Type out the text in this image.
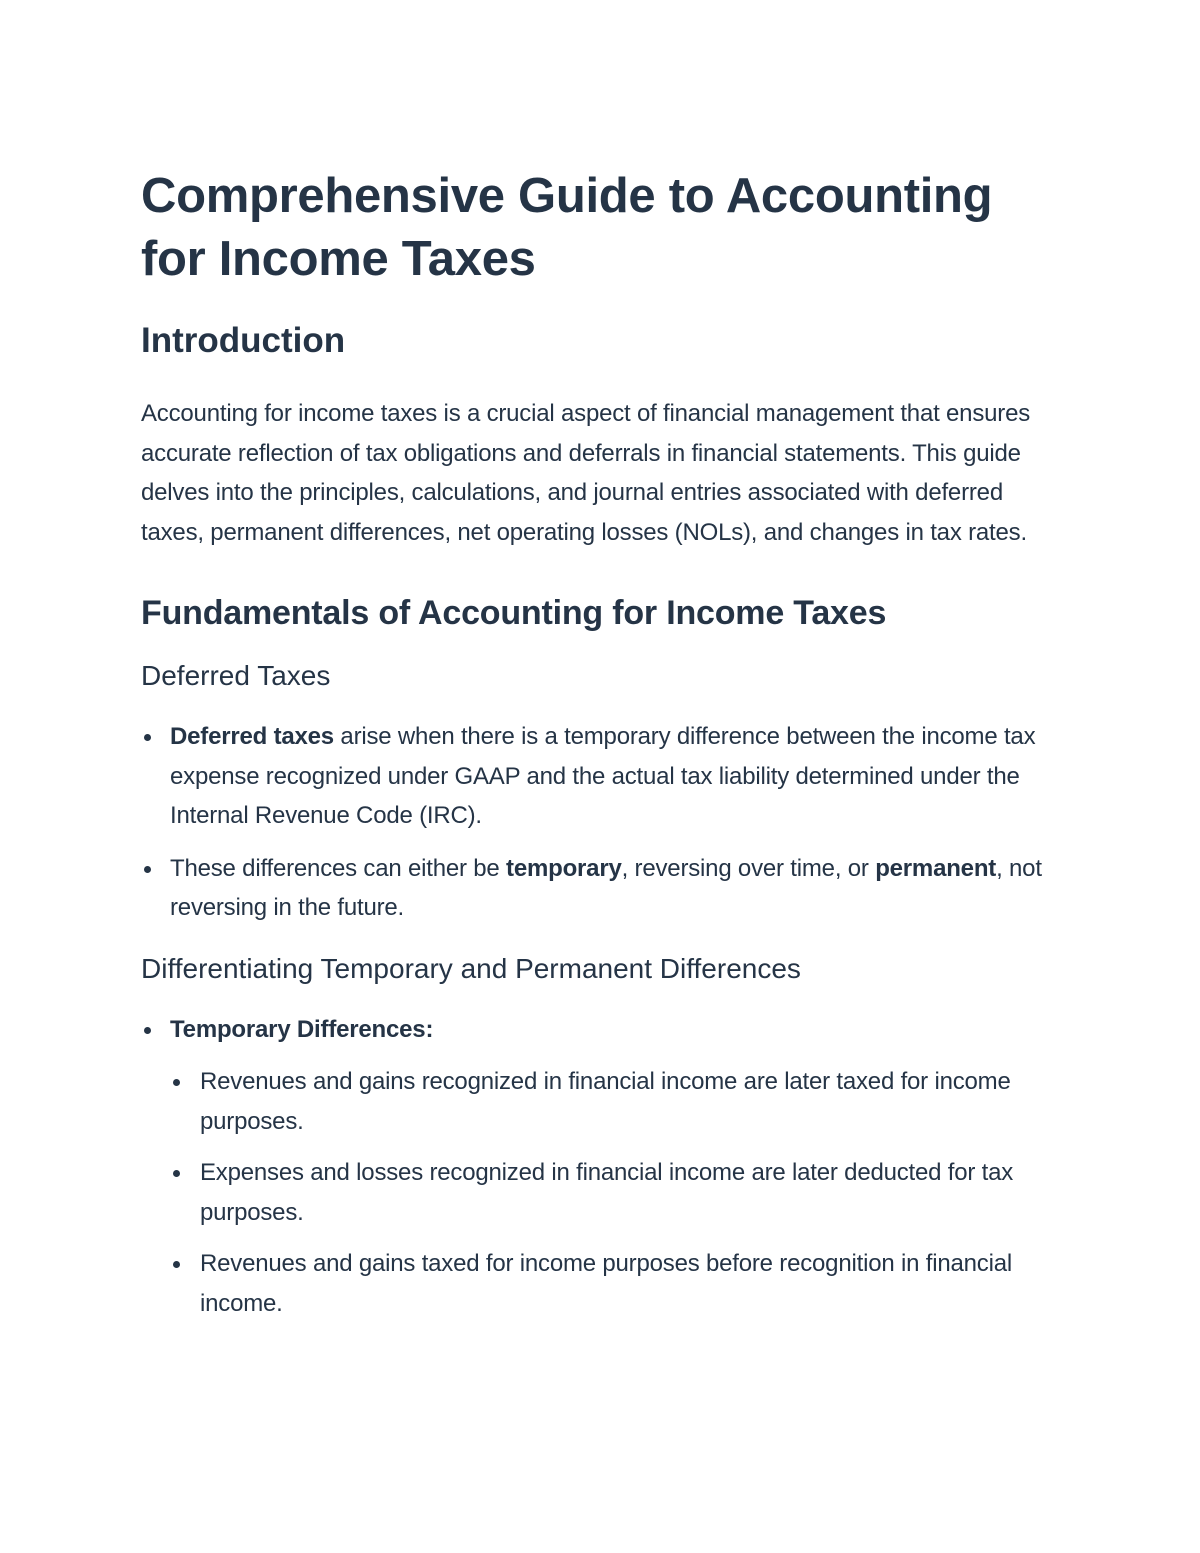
Comprehensive Guide to Accounting for Income Taxes
Introduction

Accounting for income taxes is a crucial aspect of financial management that ensures accurate reflection of tax obligations and deferrals in financial statements. This guide delves into the principles, calculations, and journal entries associated with deferred taxes, permanent differences, net operating losses (NOLs), and changes in tax rates.

Fundamentals of Accounting for Income Taxes
Deferred Taxes
Deferred taxes arise when there is a temporary difference between the income tax expense recognized under GAAP and the actual tax liability determined under the Internal Revenue Code (IRC).
These differences can either be temporary, reversing over time, or permanent, not reversing in the future.
Differentiating Temporary and Permanent Differences
Temporary Differences:
Revenues and gains recognized in financial income are later taxed for income purposes.
Expenses and losses recognized in financial income are later deducted for tax purposes.
Revenues and gains taxed for income purposes before recognition in financial income.
